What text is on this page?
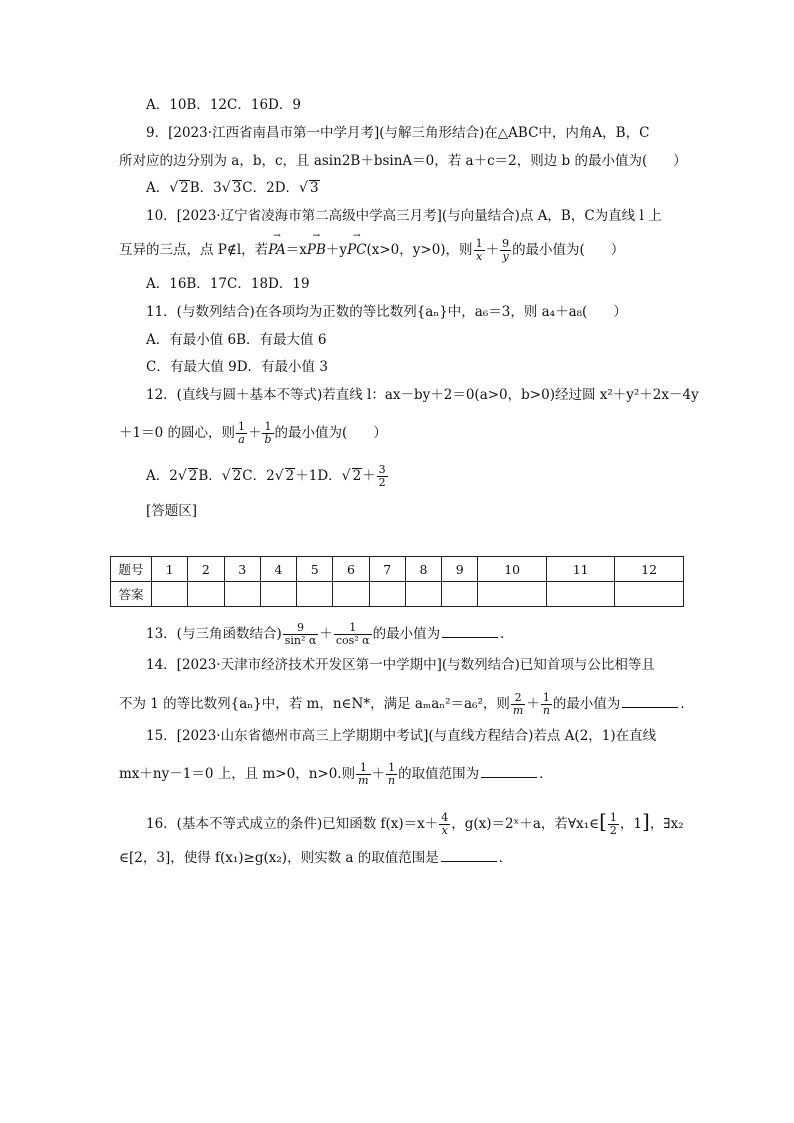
A．10B．12C．16D．9
9．[2023·江西省南昌市第一中学月考](与解三角形结合)在△ABC中，内角A，B，C
所对应的边分别为 a，b，c，且 asin2B＋bsinA＝0，若 a＋c＝2，则边 b 的最小值为( ）
A．√ 2B．3√ 3C．2D．√ 3
10．[2023·辽宁省凌海市第二高级中学高三月考](与向量结合)点 A，B，C为直线 l 上
互异的三点，点 P∉l，若→ PA＝x→ PB＋y→ PC(x>0，y>0)，则 $\frac{1}{x} + \frac{9}{y}$ 的最小值为( ）
A．16B．17C．18D．19
11．(与数列结合)在各项均为正数的等比数列{aₙ}中，a₆＝3，则 a₄＋a₈( ）
A．有最小值 6B．有最大值 6
C．有最大值 9D．有最小值 3
12．(直线与圆＋基本不等式)若直线 l：ax－by＋2＝0(a>0，b>0)经过圆 x²＋y²＋2x－4y
＋1＝0 的圆心，则 $\frac{1}{a} + \frac{1}{b}$ 的最小值为( ）
A．2√ 2B．√ 2C．2√ 2＋1D．√ $2+ \frac{3}{2}$
[答题区]
题号	1	2	3	4	5	6	7	8	9	10	11	12
答案												
13．(与三角函数结合) $\frac{9}{\text{sin² α}} + \frac{1}{\text{cos² α}}$ 的最小值为	．
14．[2023·天津市经济技术开发区第一中学期中](与数列结合)已知首项与公比相等且
不为 1 的等比数列{aₙ}中，若 m，n∈N*，满足 aₘaₙ²＝a₆²，则 $\frac{2}{m} + \frac{1}{n}$ 的最小值为	．
15．[2023·山东省德州市高三上学期期中考试](与直线方程结合)若点 A(2，1)在直线
mx＋ny－1＝0 上，且 m>0，n>0.则 $\frac{1}{m} + \frac{1}{n}$ 的取值范围为	．
16．(基本不等式成立的条件)已知函数 $f(x)=x+ \frac{4}{x}$ ，g(x)＝2ˣ＋a，若∀x₁∈[ $\frac{1}{2}$ ，1]，∃x₂
∈[2，3]，使得 f(x₁)≥g(x₂)，则实数 a 的取值范围是	．
